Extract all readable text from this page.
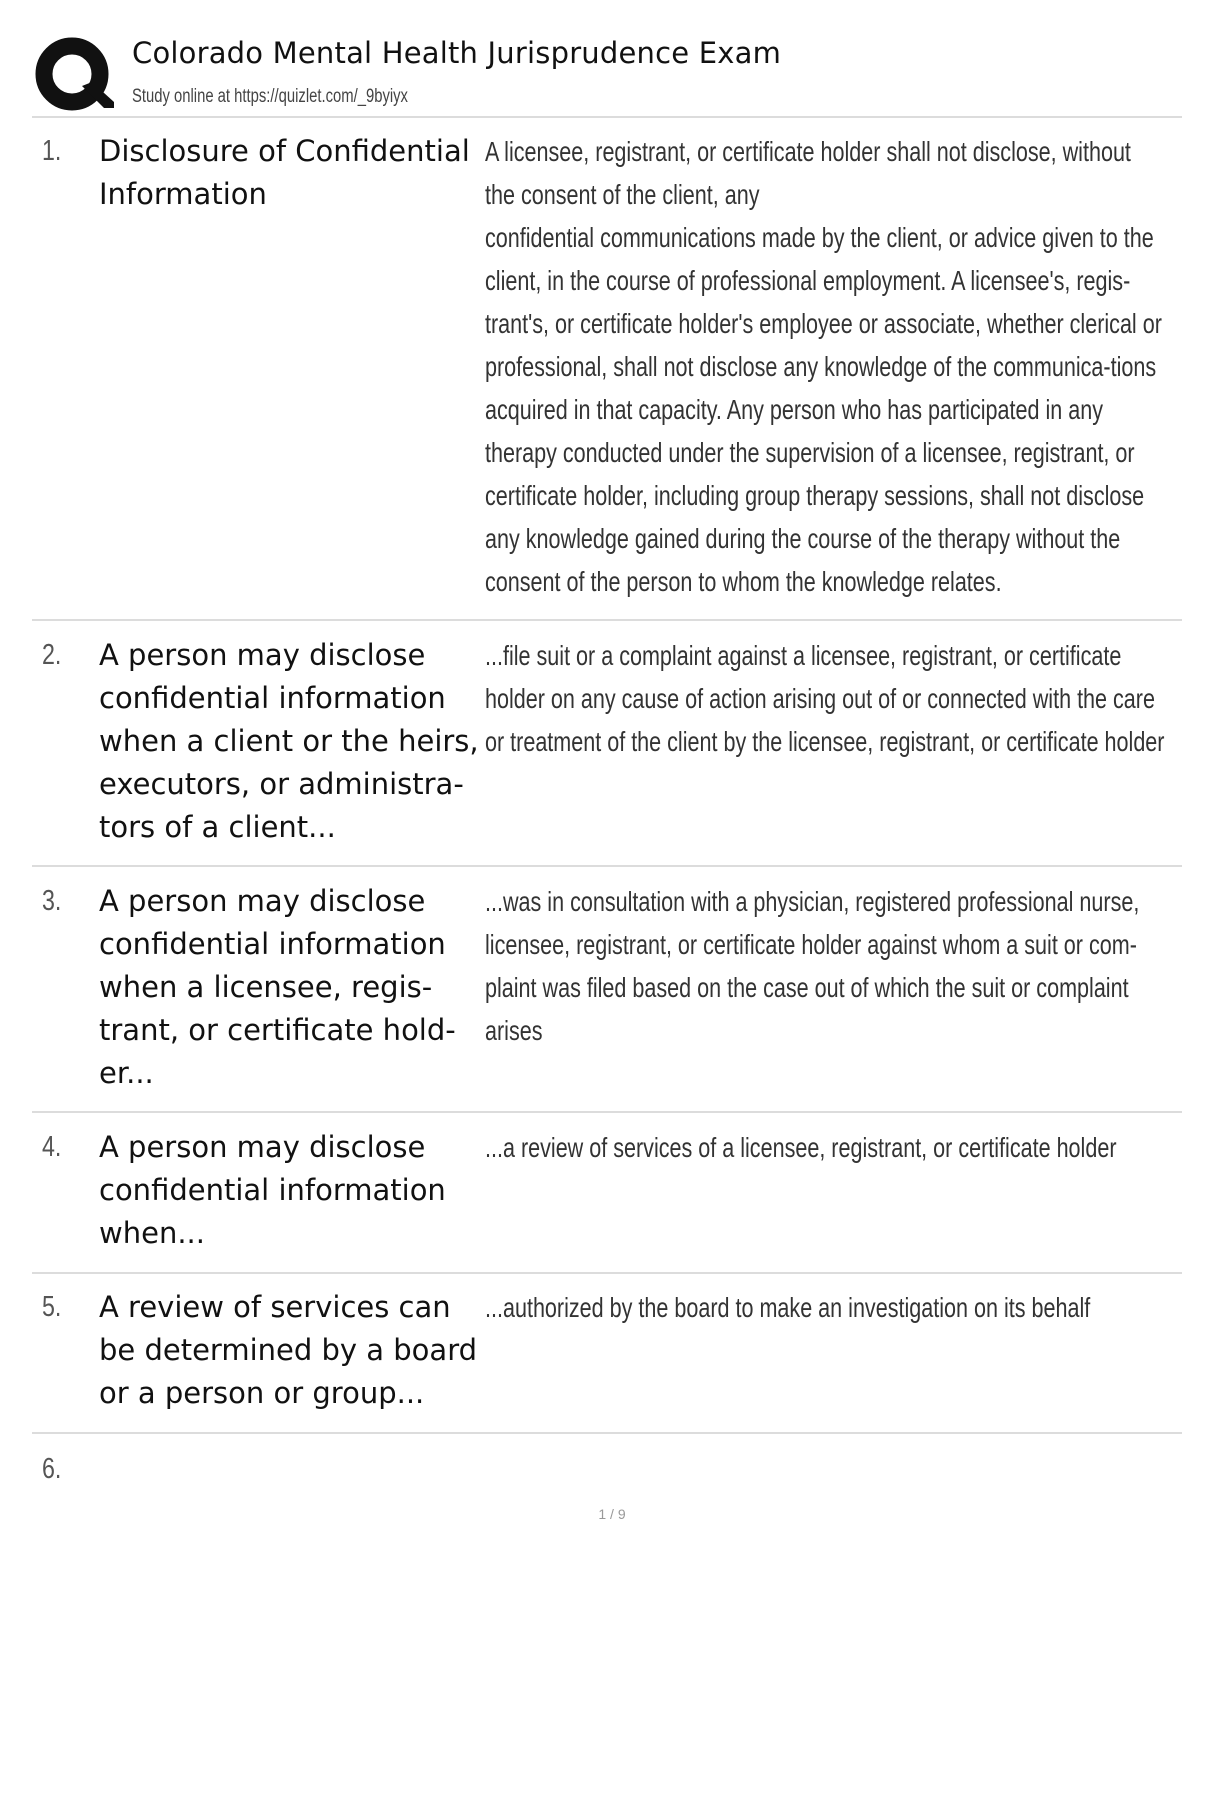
Colorado Mental Health Jurisprudence Exam
Study online at https://quizlet.com/_9byiyx
1. Disclosure of Confidential Information
A licensee, registrant, or certificate holder shall not disclose, without the consent of the client, any
confidential communications made by the client, or advice given to the client, in the course of professional employment. A licensee's, regis-trant's, or certificate holder's employee or associate, whether clerical or professional, shall not disclose any knowledge of the communica-tions acquired in that capacity. Any person who has participated in any therapy conducted under the supervision of a licensee, registrant, or certificate holder, including group therapy sessions, shall not disclose any knowledge gained during the course of the therapy without the consent of the person to whom the knowledge relates.
2. A person may disclose confidential information when a client or the heirs, executors, or administra-tors of a client...
...file suit or a complaint against a licensee, registrant, or certificate holder on any cause of action arising out of or connected with the care or treatment of the client by the licensee, registrant, or certificate holder
3. A person may disclose confidential information when a licensee, regis-trant, or certificate hold-er...
...was in consultation with a physician, registered professional nurse, licensee, registrant, or certificate holder against whom a suit or com-plaint was filed based on the case out of which the suit or complaint arises
4. A person may disclose confidential information when...
...a review of services of a licensee, registrant, or certificate holder
5. A review of services can be determined by a board or a person or group...
...authorized by the board to make an investigation on its behalf
6.
1 / 9
